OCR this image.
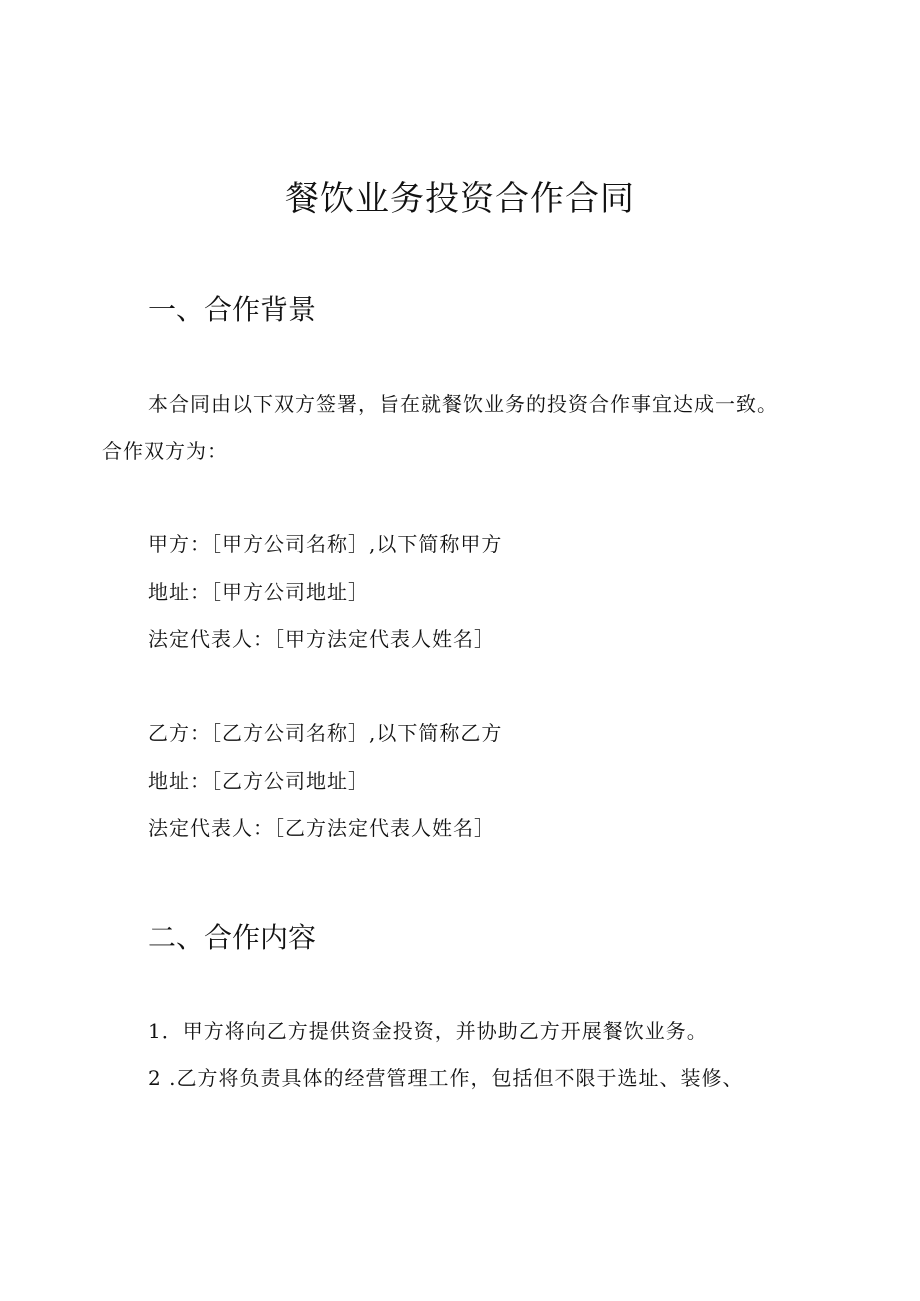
餐饮业务投资合作合同
一、合作背景
本合同由以下双方签署，旨在就餐饮业务的投资合作事宜达成一致。
合作双方为：
甲方：［甲方公司名称］,以下简称甲方
地址：［甲方公司地址］
法定代表人：［甲方法定代表人姓名］
乙方：［乙方公司名称］,以下简称乙方
地址：［乙方公司地址］
法定代表人：［乙方法定代表人姓名］
二、合作内容
1．甲方将向乙方提供资金投资，并协助乙方开展餐饮业务。
2 .乙方将负责具体的经营管理工作，包括但不限于选址、装修、
